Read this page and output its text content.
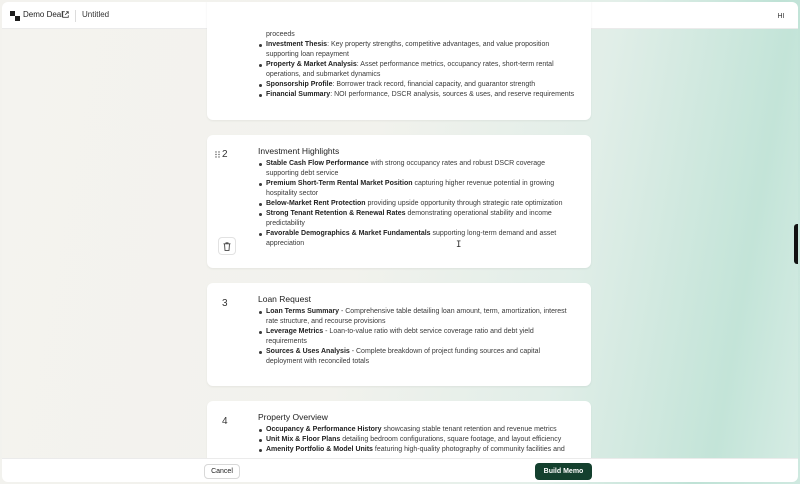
Demo Deal Untitled	HI
proceeds
Investment Thesis: Key property strengths, competitive advantages, and value proposition supporting loan repayment
Property & Market Analysis: Asset performance metrics, occupancy rates, short-term rental operations, and submarket dynamics
Sponsorship Profile: Borrower track record, financial capacity, and guarantor strength
Financial Summary: NOI performance, DSCR analysis, sources & uses, and reserve requirements
2	Investment Highlights
Stable Cash Flow Performance with strong occupancy rates and robust DSCR coverage supporting debt service
Premium Short-Term Rental Market Position capturing higher revenue potential in growing hospitality sector
Below-Market Rent Protection providing upside opportunity through strategic rate optimization
Strong Tenant Retention & Renewal Rates demonstrating operational stability and income predictability
Favorable Demographics & Market Fundamentals supporting long-term demand and asset appreciation	I
3	Loan Request
Loan Terms Summary - Comprehensive table detailing loan amount, term, amortization, interest rate structure, and recourse provisions
Leverage Metrics - Loan-to-value ratio with debt service coverage ratio and debt yield requirements
Sources & Uses Analysis - Complete breakdown of project funding sources and capital deployment with reconciled totals
4	Property Overview
Occupancy & Performance History showcasing stable tenant retention and revenue metrics
Unit Mix & Floor Plans detailing bedroom configurations, square footage, and layout efficiency
Amenity Portfolio & Model Units featuring high-quality photography of community facilities and
Cancel	Build Memo
